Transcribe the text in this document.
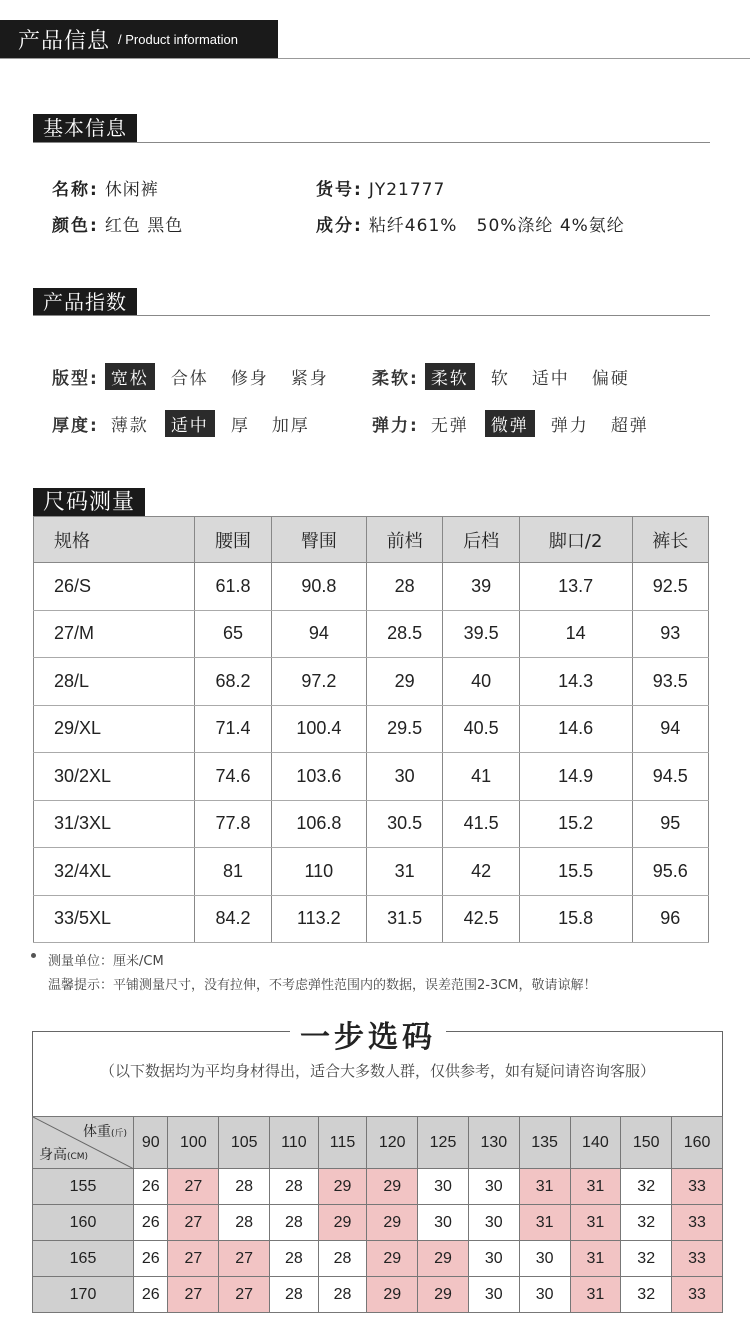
产品信息 / Product information
基本信息
名称: 休闲裤	货号: JY21777
颜色: 红色 黑色	成分: 粘纤461%   50%涤纶 4%氨纶
产品指数
版型: 宽松	合体	修身	紧身	柔软: 柔软	软	适中	偏硬
厚度: 薄款	适中	厚	加厚	弹力: 无弹	微弹	弹力	超弹
尺码测量
规格	腰围	臀围	前档	后档	脚口/2	裤长
26/S	61.8	90.8	28	39	13.7	92.5
27/M	65	94	28.5	39.5	14	93
28/L	68.2	97.2	29	40	14.3	93.5
29/XL	71.4	100.4	29.5	40.5	14.6	94
30/2XL	74.6	103.6	30	41	14.9	94.5
31/3XL	77.8	106.8	30.5	41.5	15.2	95
32/4XL	81	110	31	42	15.5	95.6
33/5XL	84.2	113.2	31.5	42.5	15.8	96
测量单位：厘米/CM
温馨提示：平铺测量尺寸，没有拉伸，不考虑弹性范围内的数据，误差范围2-3CM，敬请谅解！
一步选码
（以下数据均为平均身材得出，适合大多数人群，仅供参考，如有疑问请咨询客服）
体重(斤)
身高(CM)	90	100	105	110	115	120	125	130	135	140	150	160
155	26	27	28	28	29	29	30	30	31	31	32	33
160	26	27	28	28	29	29	30	30	31	31	32	33
165	26	27	27	28	28	29	29	30	30	31	32	33
170	26	27	27	28	28	29	29	30	30	31	32	33
